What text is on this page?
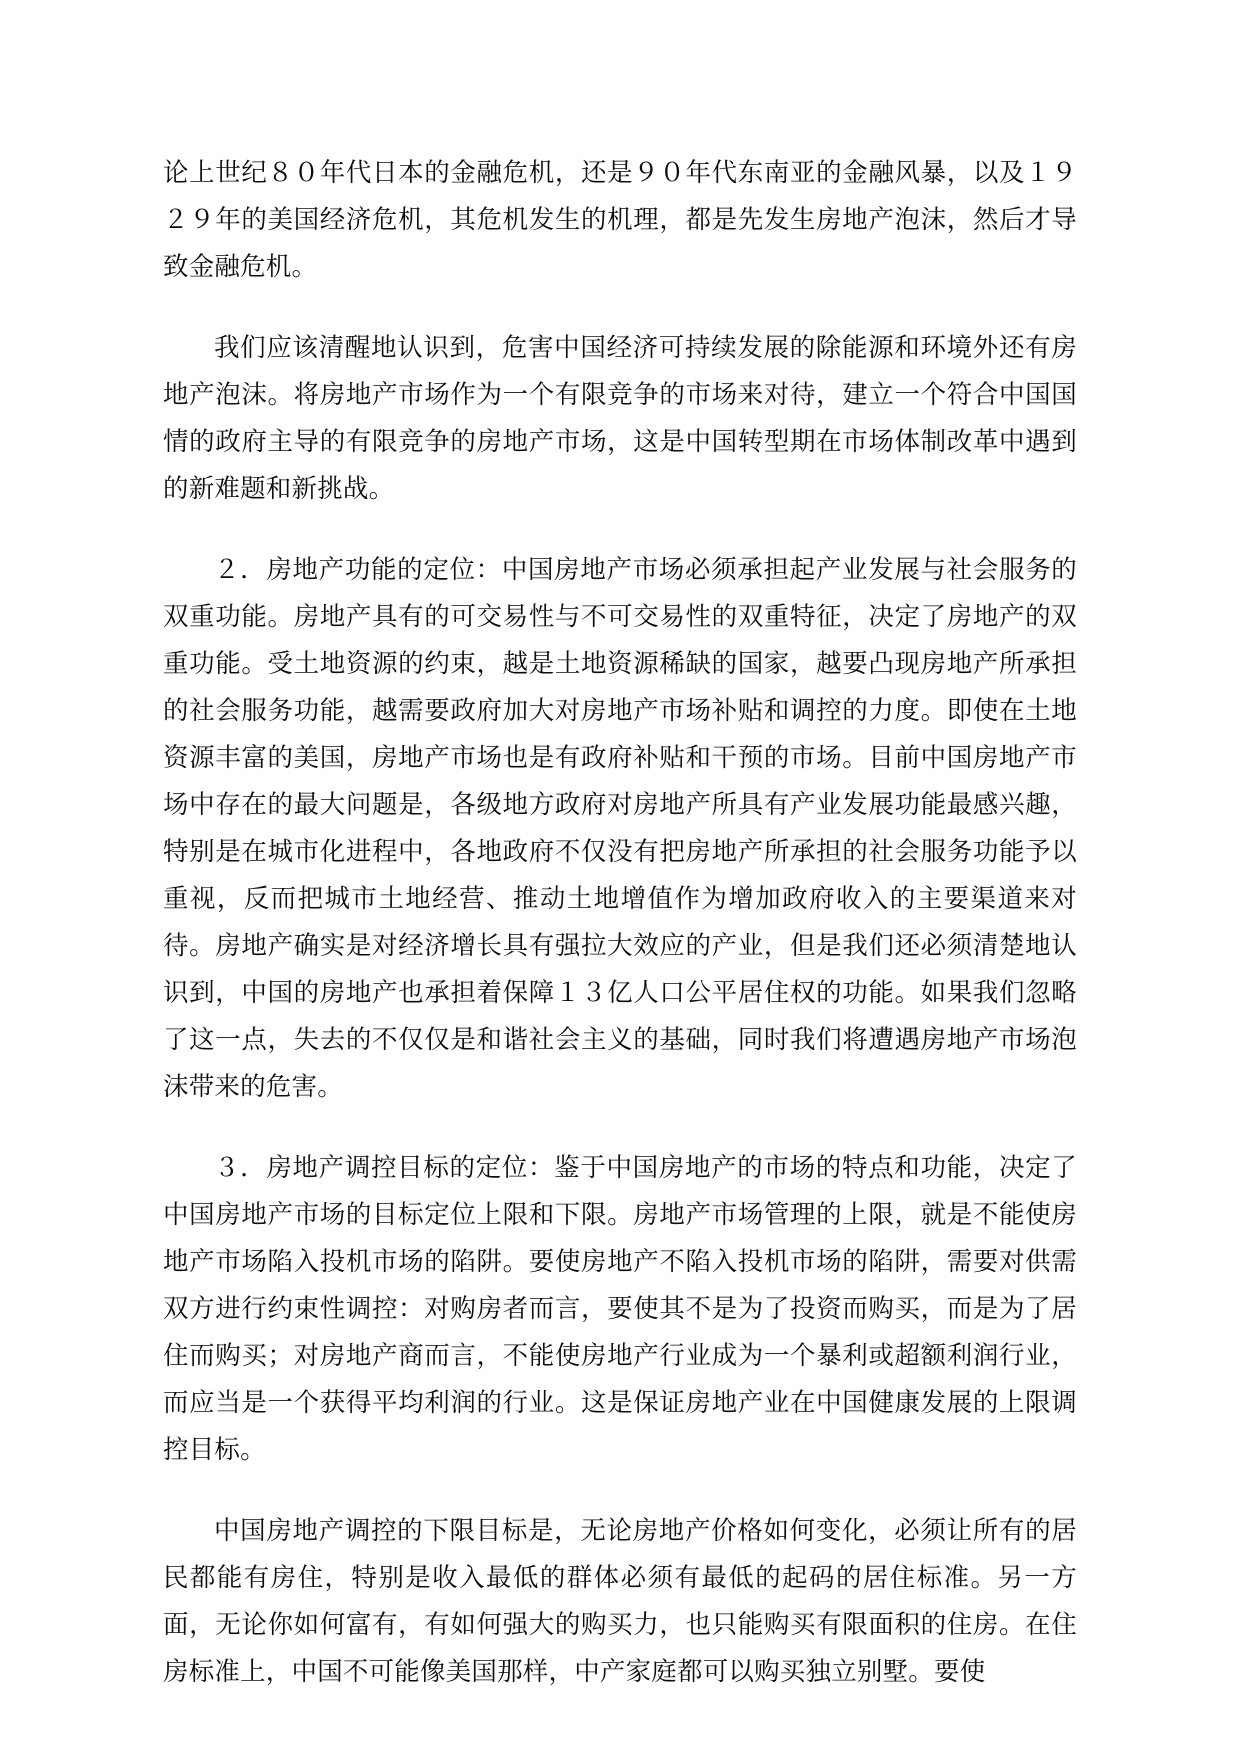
论上世纪８０年代日本的金融危机，还是９０年代东南亚的金融风暴，以及１９２９年的美国经济危机，其危机发生的机理，都是先发生房地产泡沫，然后才导致金融危机。

我们应该清醒地认识到，危害中国经济可持续发展的除能源和环境外还有房地产泡沫。将房地产市场作为一个有限竞争的市场来对待，建立一个符合中国国情的政府主导的有限竞争的房地产市场，这是中国转型期在市场体制改革中遇到的新难题和新挑战。

２．房地产功能的定位：中国房地产市场必须承担起产业发展与社会服务的双重功能。房地产具有的可交易性与不可交易性的双重特征，决定了房地产的双重功能。受土地资源的约束，越是土地资源稀缺的国家，越要凸现房地产所承担的社会服务功能，越需要政府加大对房地产市场补贴和调控的力度。即使在土地资源丰富的美国，房地产市场也是有政府补贴和干预的市场。目前中国房地产市场中存在的最大问题是，各级地方政府对房地产所具有产业发展功能最感兴趣，特别是在城市化进程中，各地政府不仅没有把房地产所承担的社会服务功能予以重视，反而把城市土地经营、推动土地增值作为增加政府收入的主要渠道来对待。房地产确实是对经济增长具有强拉大效应的产业，但是我们还必须清楚地认识到，中国的房地产也承担着保障１３亿人口公平居住权的功能。如果我们忽略了这一点，失去的不仅仅是和谐社会主义的基础，同时我们将遭遇房地产市场泡沫带来的危害。

３．房地产调控目标的定位：鉴于中国房地产的市场的特点和功能，决定了中国房地产市场的目标定位上限和下限。房地产市场管理的上限，就是不能使房地产市场陷入投机市场的陷阱。要使房地产不陷入投机市场的陷阱，需要对供需双方进行约束性调控：对购房者而言，要使其不是为了投资而购买，而是为了居住而购买；对房地产商而言，不能使房地产行业成为一个暴利或超额利润行业，而应当是一个获得平均利润的行业。这是保证房地产业在中国健康发展的上限调控目标。

中国房地产调控的下限目标是，无论房地产价格如何变化，必须让所有的居民都能有房住，特别是收入最低的群体必须有最低的起码的居住标准。另一方面，无论你如何富有，有如何强大的购买力，也只能购买有限面积的住房。在住房标准上，中国不可能像美国那样，中产家庭都可以购买独立别墅。要使
